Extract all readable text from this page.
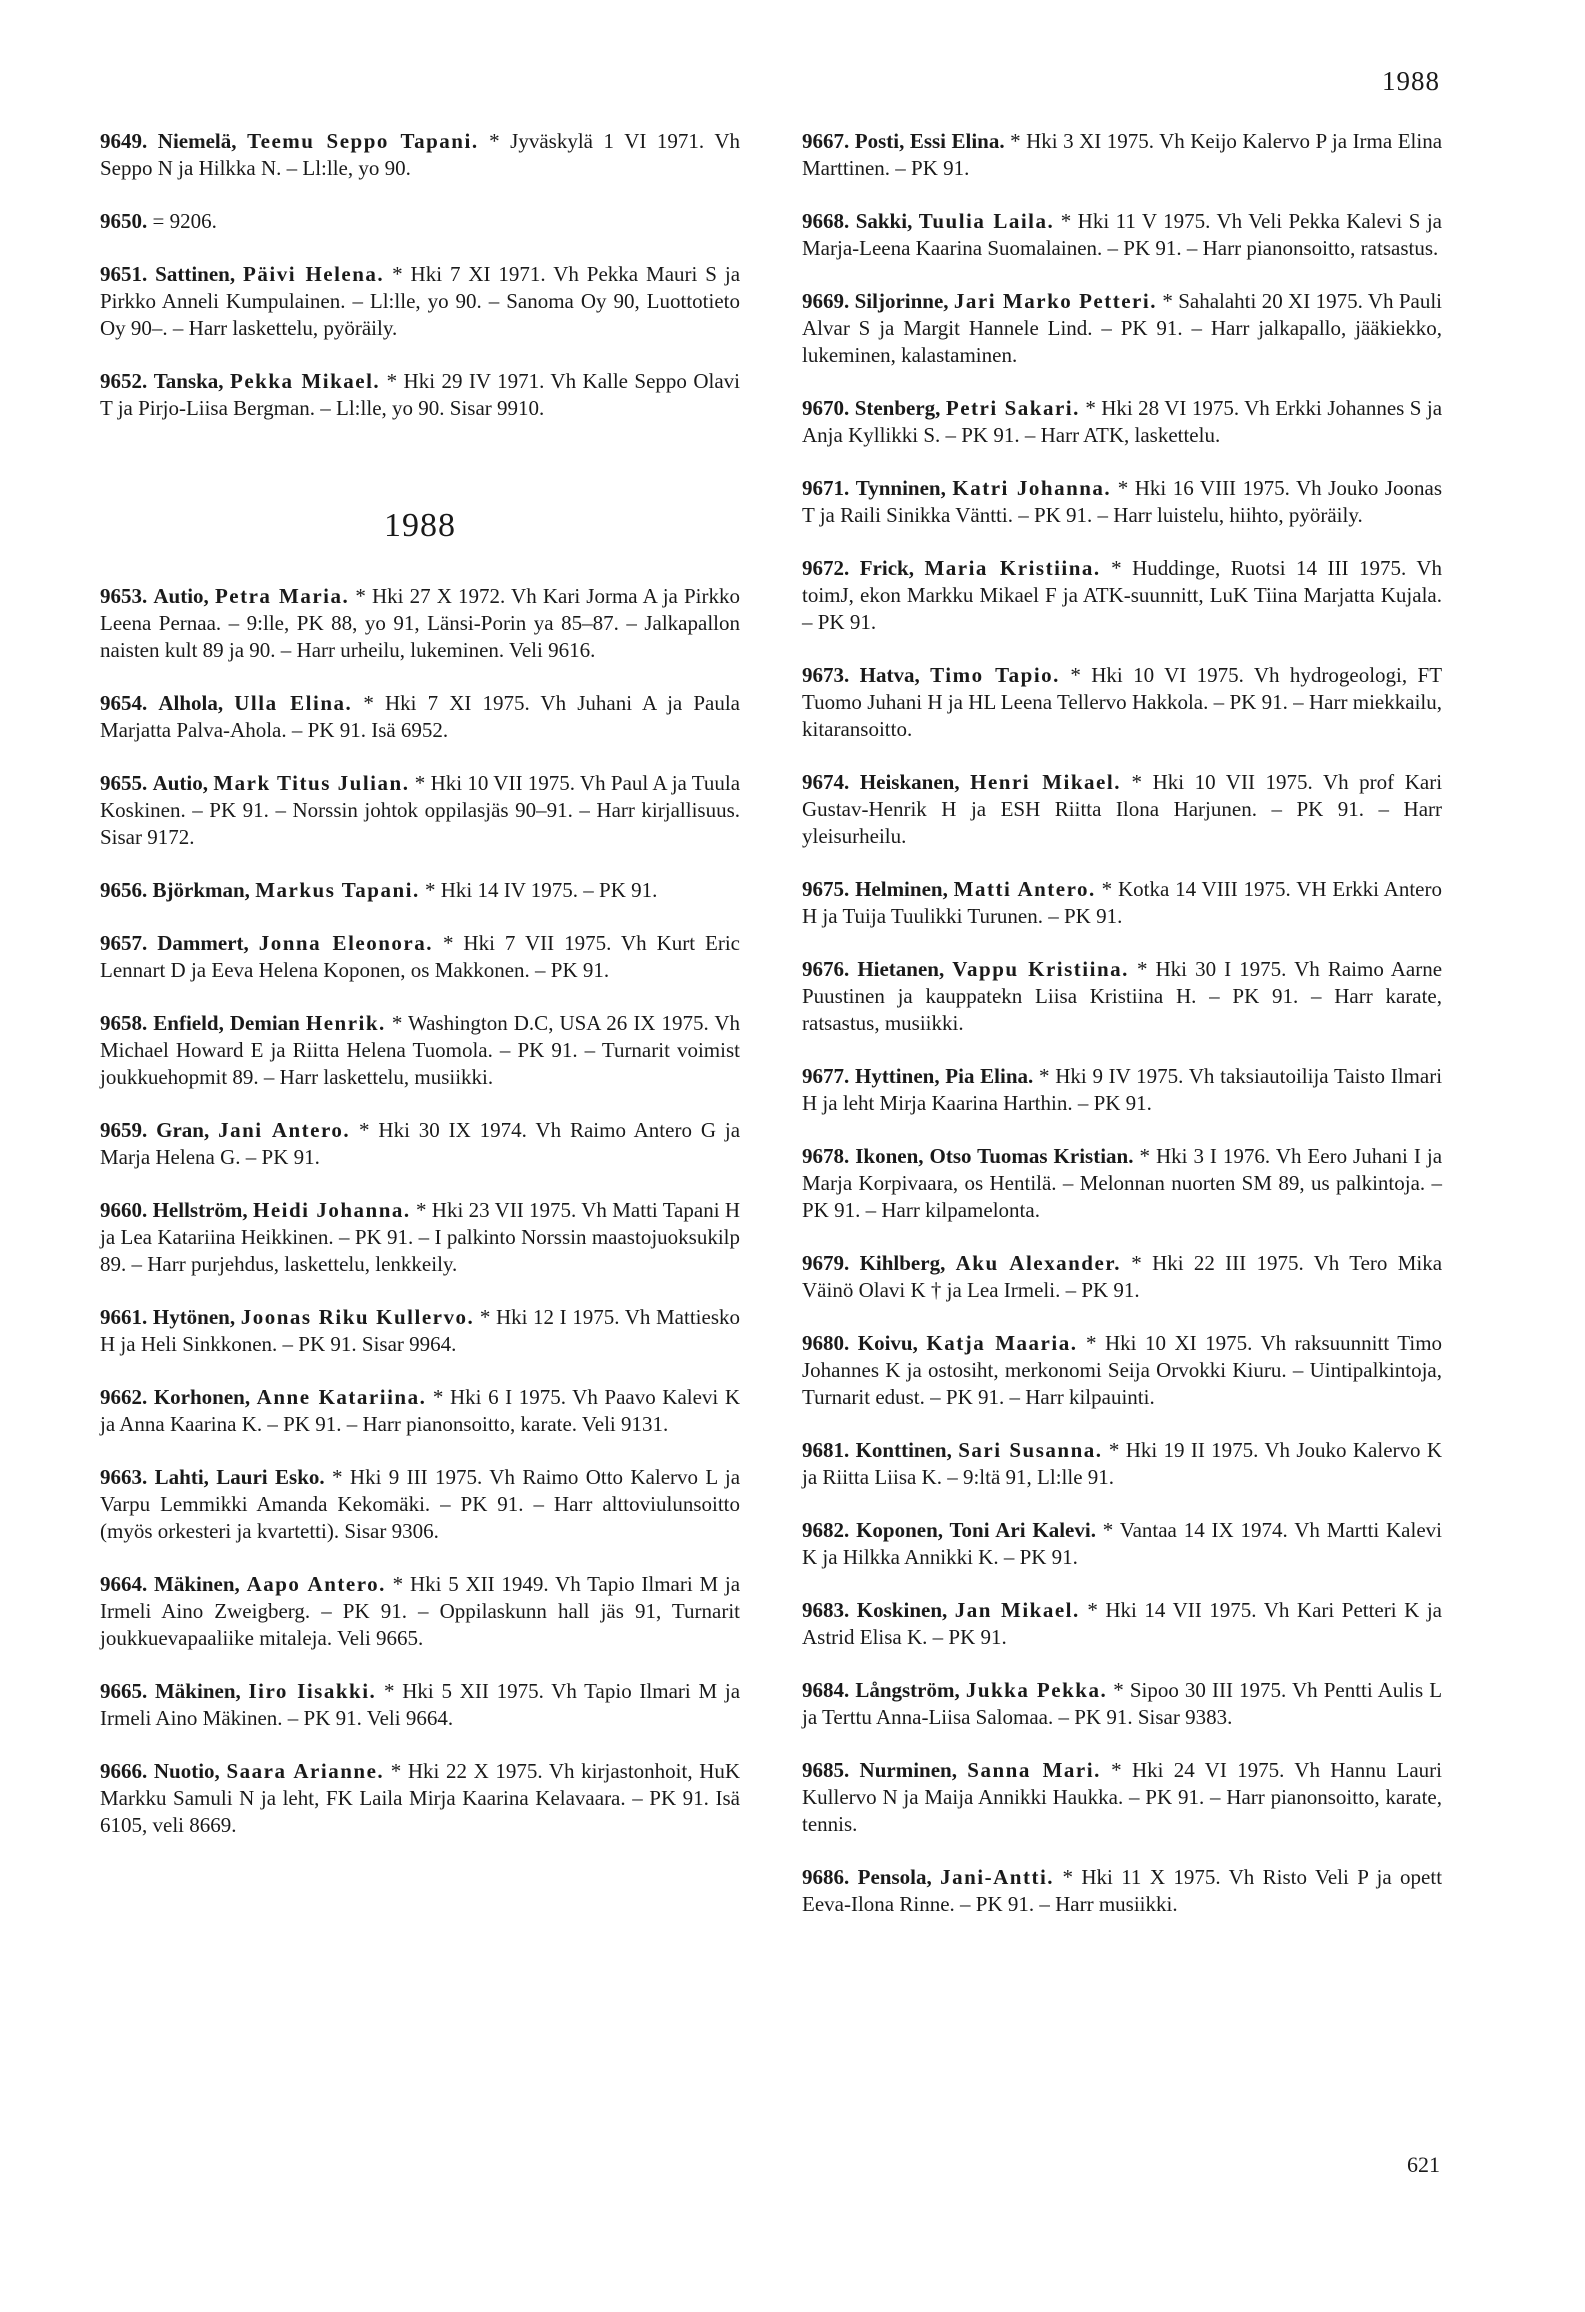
1988

9649. Niemelä, Teemu Seppo Tapani. * Jyväskylä 1 VI 1971. Vh Seppo N ja Hilkka N. – Ll:lle, yo 90.

9650. = 9206.

9651. Sattinen, Päivi Helena. * Hki 7 XI 1971. Vh Pekka Mauri S ja Pirkko Anneli Kumpulainen. – Ll:lle, yo 90. – Sanoma Oy 90, Luottotieto Oy 90–. – Harr laskettelu, pyöräily.

9652. Tanska, Pekka Mikael. * Hki 29 IV 1971. Vh Kalle Seppo Olavi T ja Pirjo-Liisa Bergman. – Ll:lle, yo 90. Sisar 9910.

1988

9653. Autio, Petra Maria. * Hki 27 X 1972. Vh Kari Jorma A ja Pirkko Leena Pernaa. – 9:lle, PK 88, yo 91, Länsi-Porin ya 85–87. – Jalkapallon naisten kult 89 ja 90. – Harr urheilu, lukeminen. Veli 9616.

9654. Alhola, Ulla Elina. * Hki 7 XI 1975. Vh Juhani A ja Paula Marjatta Palva-Ahola. – PK 91. Isä 6952.

9655. Autio, Mark Titus Julian. * Hki 10 VII 1975. Vh Paul A ja Tuula Koskinen. – PK 91. – Norssin johtok oppilasjäs 90–91. – Harr kirjallisuus. Sisar 9172.

9656. Björkman, Markus Tapani. * Hki 14 IV 1975. – PK 91.

9657. Dammert, Jonna Eleonora. * Hki 7 VII 1975. Vh Kurt Eric Lennart D ja Eeva Helena Koponen, os Makkonen. – PK 91.

9658. Enfield, Demian Henrik. * Washington D.C, USA 26 IX 1975. Vh Michael Howard E ja Riitta Helena Tuomola. – PK 91. – Turnarit voimist joukkuehopmit 89. – Harr laskettelu, musiikki.

9659. Gran, Jani Antero. * Hki 30 IX 1974. Vh Raimo Antero G ja Marja Helena G. – PK 91.

9660. Hellström, Heidi Johanna. * Hki 23 VII 1975. Vh Matti Tapani H ja Lea Katariina Heikkinen. – PK 91. – I palkinto Norssin maastojuoksukilp 89. – Harr purjehdus, laskettelu, lenkkeily.

9661. Hytönen, Joonas Riku Kullervo. * Hki 12 I 1975. Vh Mattiesko H ja Heli Sinkkonen. – PK 91. Sisar 9964.

9662. Korhonen, Anne Katariina. * Hki 6 I 1975. Vh Paavo Kalevi K ja Anna Kaarina K. – PK 91. – Harr pianonsoitto, karate. Veli 9131.

9663. Lahti, Lauri Esko. * Hki 9 III 1975. Vh Raimo Otto Kalervo L ja Varpu Lemmikki Amanda Kekomäki. – PK 91. – Harr alttoviulunsoitto (myös orkesteri ja kvartetti). Sisar 9306.

9664. Mäkinen, Aapo Antero. * Hki 5 XII 1949. Vh Tapio Ilmari M ja Irmeli Aino Zweigberg. – PK 91. – Oppilaskunn hall jäs 91, Turnarit joukkuevapaaliike mitaleja. Veli 9665.

9665. Mäkinen, Iiro Iisakki. * Hki 5 XII 1975. Vh Tapio Ilmari M ja Irmeli Aino Mäkinen. – PK 91. Veli 9664.

9666. Nuotio, Saara Arianne. * Hki 22 X 1975. Vh kirjastonhoit, HuK Markku Samuli N ja leht, FK Laila Mirja Kaarina Kelavaara. – PK 91. Isä 6105, veli 8669.

9667. Posti, Essi Elina. * Hki 3 XI 1975. Vh Keijo Kalervo P ja Irma Elina Marttinen. – PK 91.

9668. Sakki, Tuulia Laila. * Hki 11 V 1975. Vh Veli Pekka Kalevi S ja Marja-Leena Kaarina Suomalainen. – PK 91. – Harr pianonsoitto, ratsastus.

9669. Siljorinne, Jari Marko Petteri. * Sahalahti 20 XI 1975. Vh Pauli Alvar S ja Margit Hannele Lind. – PK 91. – Harr jalkapallo, jääkiekko, lukeminen, kalastaminen.

9670. Stenberg, Petri Sakari. * Hki 28 VI 1975. Vh Erkki Johannes S ja Anja Kyllikki S. – PK 91. – Harr ATK, laskettelu.

9671. Tynninen, Katri Johanna. * Hki 16 VIII 1975. Vh Jouko Joonas T ja Raili Sinikka Väntti. – PK 91. – Harr luistelu, hiihto, pyöräily.

9672. Frick, Maria Kristiina. * Huddinge, Ruotsi 14 III 1975. Vh toimJ, ekon Markku Mikael F ja ATK-suunnitt, LuK Tiina Marjatta Kujala. – PK 91.

9673. Hatva, Timo Tapio. * Hki 10 VI 1975. Vh hydrogeologi, FT Tuomo Juhani H ja HL Leena Tellervo Hakkola. – PK 91. – Harr miekkailu, kitaransoitto.

9674. Heiskanen, Henri Mikael. * Hki 10 VII 1975. Vh prof Kari Gustav-Henrik H ja ESH Riitta Ilona Harjunen. – PK 91. – Harr yleisurheilu.

9675. Helminen, Matti Antero. * Kotka 14 VIII 1975. VH Erkki Antero H ja Tuija Tuulikki Turunen. – PK 91.

9676. Hietanen, Vappu Kristiina. * Hki 30 I 1975. Vh Raimo Aarne Puustinen ja kauppatekn Liisa Kristiina H. – PK 91. – Harr karate, ratsastus, musiikki.

9677. Hyttinen, Pia Elina. * Hki 9 IV 1975. Vh taksiautoilija Taisto Ilmari H ja leht Mirja Kaarina Harthin. – PK 91.

9678. Ikonen, Otso Tuomas Kristian. * Hki 3 I 1976. Vh Eero Juhani I ja Marja Korpivaara, os Hentilä. – Melonnan nuorten SM 89, us palkintoja. – PK 91. – Harr kilpamelonta.

9679. Kihlberg, Aku Alexander. * Hki 22 III 1975. Vh Tero Mika Väinö Olavi K † ja Lea Irmeli. – PK 91.

9680. Koivu, Katja Maaria. * Hki 10 XI 1975. Vh raksuunnitt Timo Johannes K ja ostosiht, merkonomi Seija Orvokki Kiuru. – Uintipalkintoja, Turnarit edust. – PK 91. – Harr kilpauinti.

9681. Konttinen, Sari Susanna. * Hki 19 II 1975. Vh Jouko Kalervo K ja Riitta Liisa K. – 9:ltä 91, Ll:lle 91.

9682. Koponen, Toni Ari Kalevi. * Vantaa 14 IX 1974. Vh Martti Kalevi K ja Hilkka Annikki K. – PK 91.

9683. Koskinen, Jan Mikael. * Hki 14 VII 1975. Vh Kari Petteri K ja Astrid Elisa K. – PK 91.

9684. Långström, Jukka Pekka. * Sipoo 30 III 1975. Vh Pentti Aulis L ja Terttu Anna-Liisa Salomaa. – PK 91. Sisar 9383.

9685. Nurminen, Sanna Mari. * Hki 24 VI 1975. Vh Hannu Lauri Kullervo N ja Maija Annikki Haukka. – PK 91. – Harr pianonsoitto, karate, tennis.

9686. Pensola, Jani-Antti. * Hki 11 X 1975. Vh Risto Veli P ja opett Eeva-Ilona Rinne. – PK 91. – Harr musiikki.

621
